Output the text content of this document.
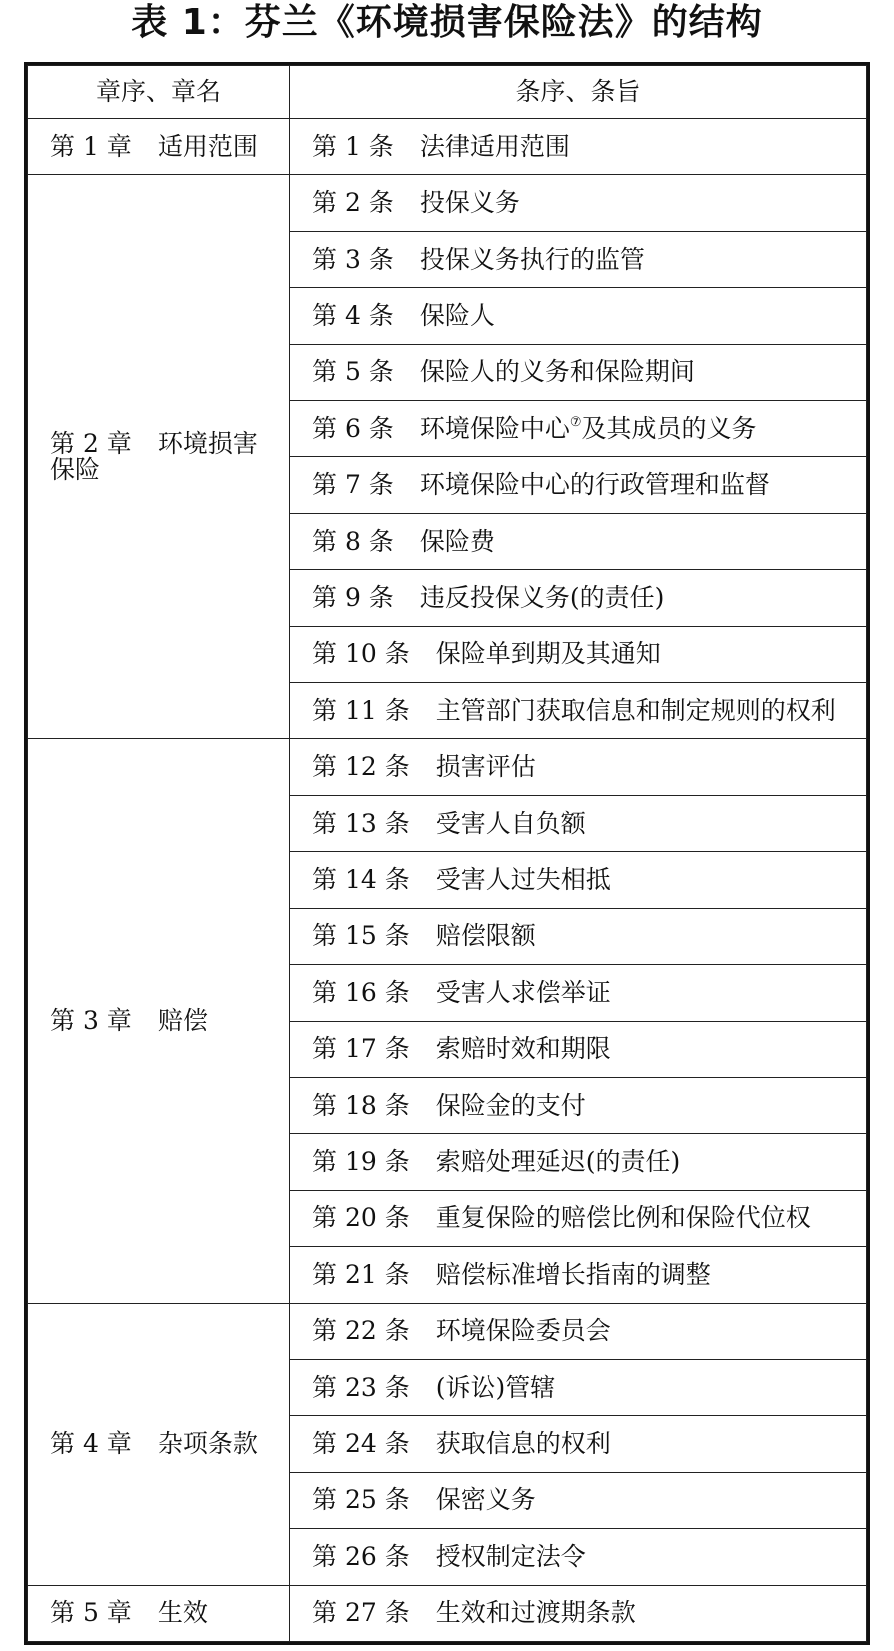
表 1：芬兰《环境损害保险法》的结构
章序、章名	条序、条旨
第 1 章 适用范围	第 1 条 法律适用范围
第 2 章 环境损害保险	第 2 条 投保义务
	第 3 条 投保义务执行的监管
	第 4 条 保险人
	第 5 条 保险人的义务和保险期间
	第 6 条 环境保险中心⑦及其成员的义务
	第 7 条 环境保险中心的行政管理和监督
	第 8 条 保险费
	第 9 条 违反投保义务(的责任)
	第 10 条 保险单到期及其通知
	第 11 条 主管部门获取信息和制定规则的权利
第 3 章 赔偿	第 12 条 损害评估
	第 13 条 受害人自负额
	第 14 条 受害人过失相抵
	第 15 条 赔偿限额
	第 16 条 受害人求偿举证
	第 17 条 索赔时效和期限
	第 18 条 保险金的支付
	第 19 条 索赔处理延迟(的责任)
	第 20 条 重复保险的赔偿比例和保险代位权
	第 21 条 赔偿标准增长指南的调整
第 4 章 杂项条款	第 22 条 环境保险委员会
	第 23 条 (诉讼)管辖
	第 24 条 获取信息的权利
	第 25 条 保密义务
	第 26 条 授权制定法令
第 5 章 生效	第 27 条 生效和过渡期条款
